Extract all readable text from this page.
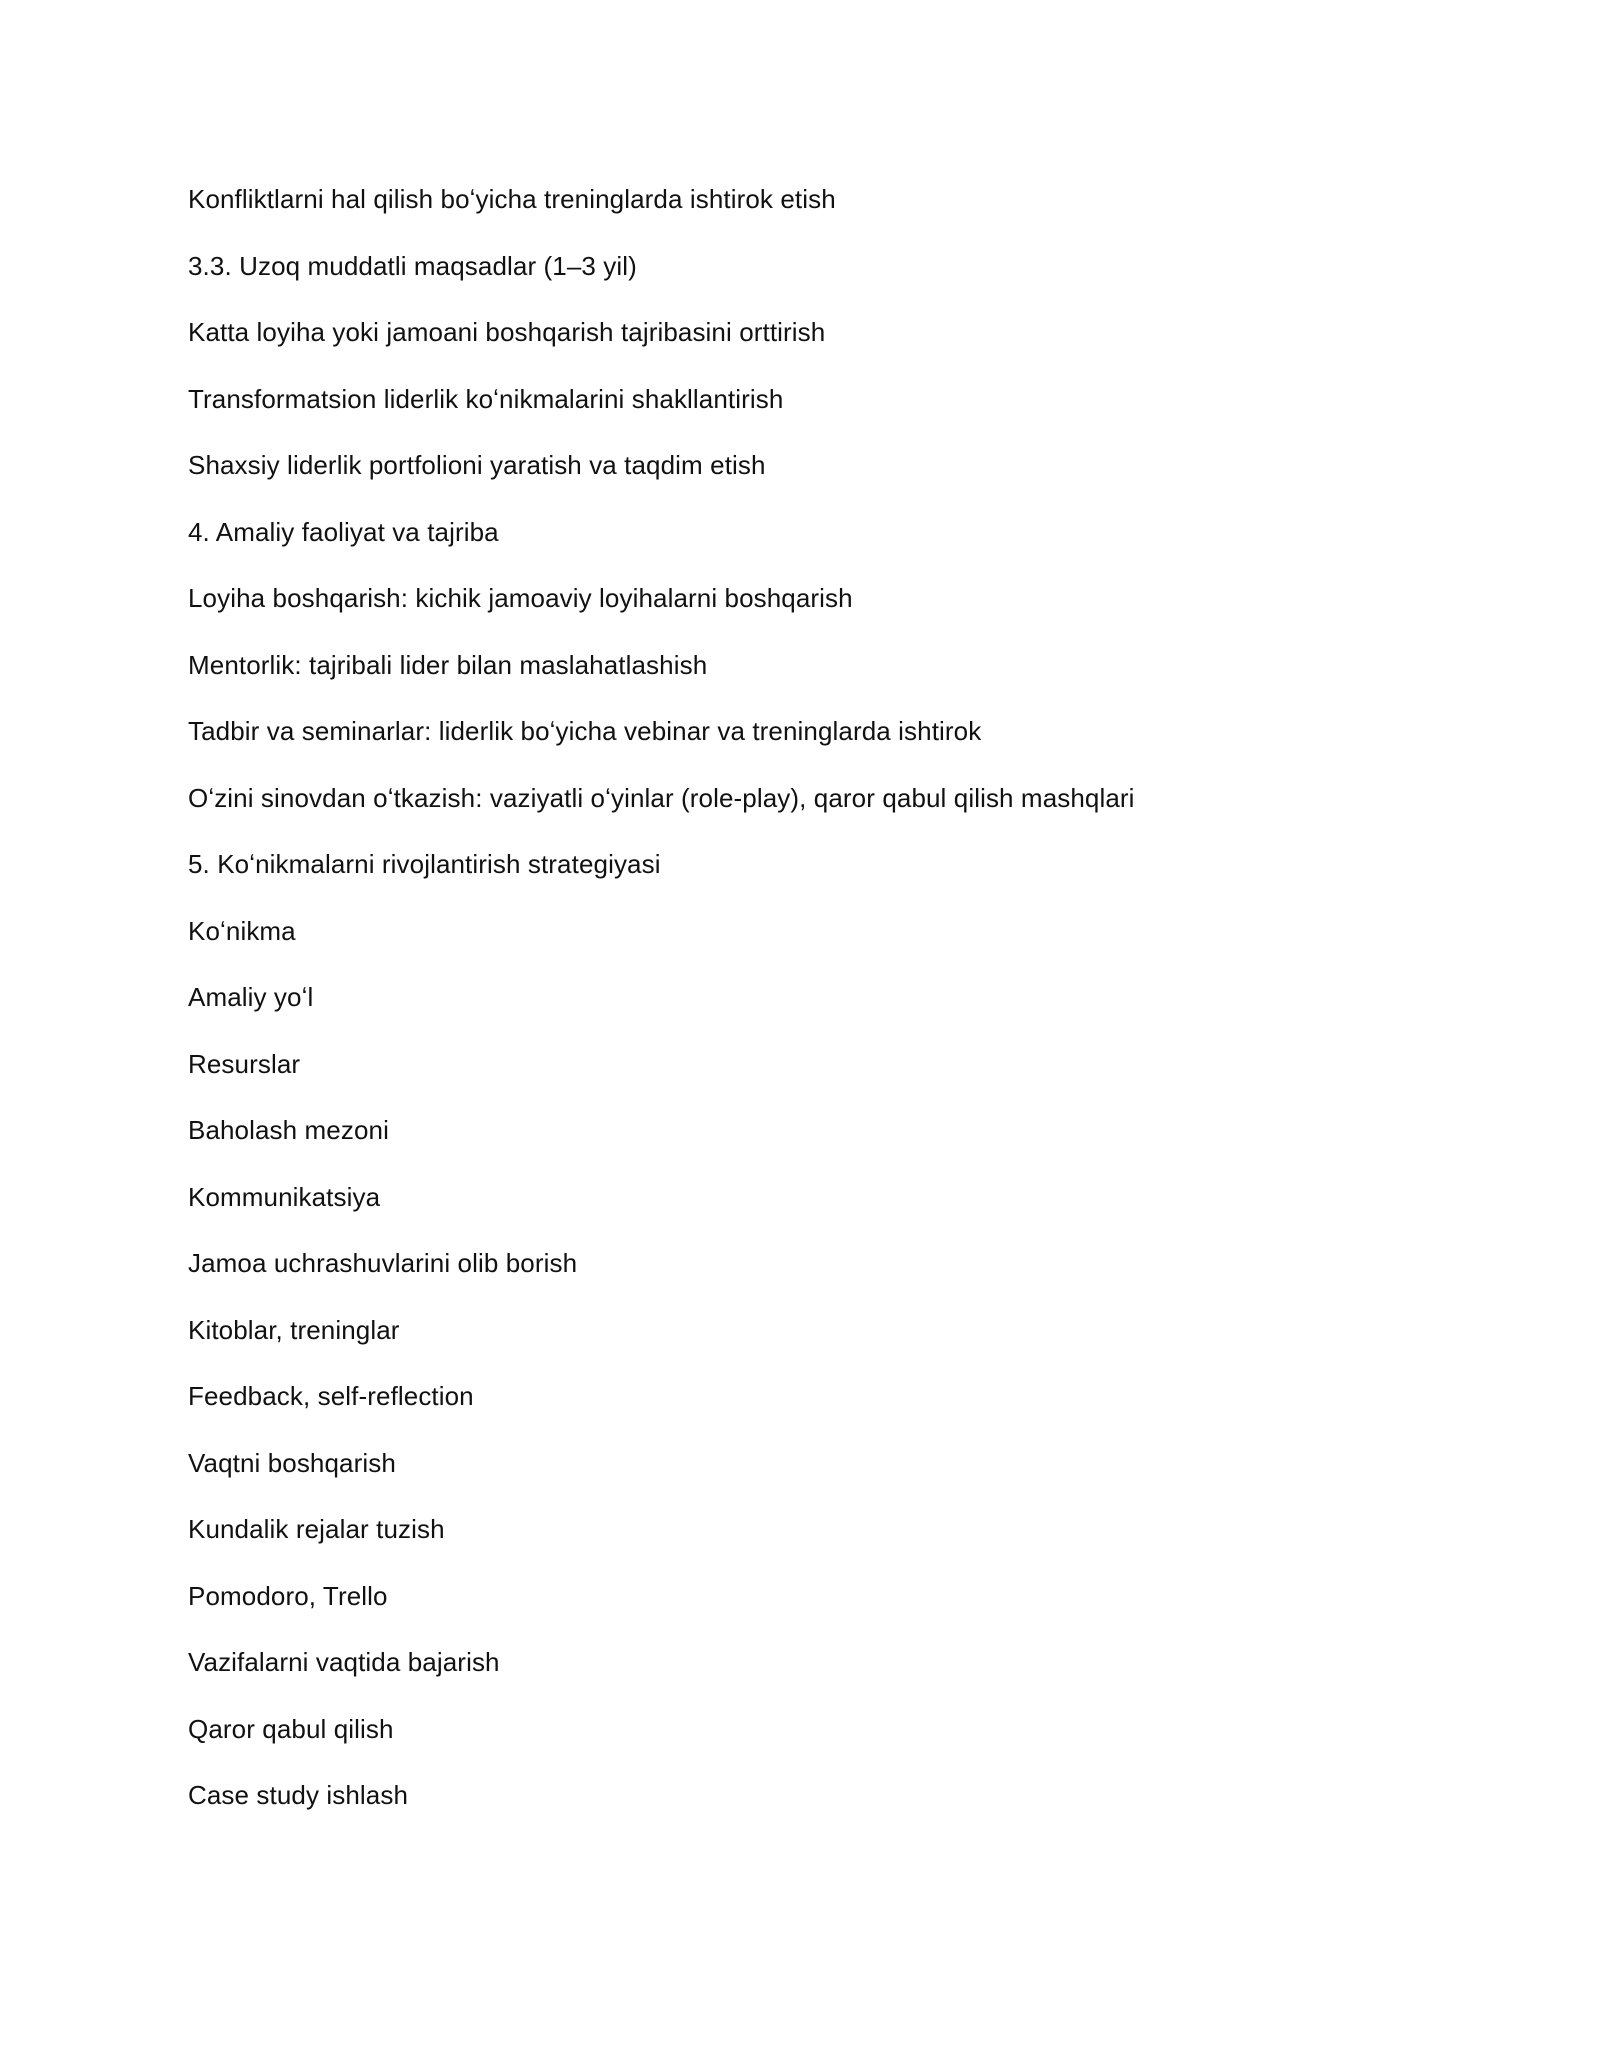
Konfliktlarni hal qilish boʻyicha treninglarda ishtirok etish
3.3. Uzoq muddatli maqsadlar (1–3 yil)
Katta loyiha yoki jamoani boshqarish tajribasini orttirish
Transformatsion liderlik koʻnikmalarini shakllantirish
Shaxsiy liderlik portfolioni yaratish va taqdim etish
4. Amaliy faoliyat va tajriba
Loyiha boshqarish: kichik jamoaviy loyihalarni boshqarish
Mentorlik: tajribali lider bilan maslahatlashish
Tadbir va seminarlar: liderlik boʻyicha vebinar va treninglarda ishtirok
Oʻzini sinovdan oʻtkazish: vaziyatli oʻyinlar (role-play), qaror qabul qilish mashqlari
5. Koʻnikmalarni rivojlantirish strategiyasi
Koʻnikma
Amaliy yoʻl
Resurslar
Baholash mezoni
Kommunikatsiya
Jamoa uchrashuvlarini olib borish
Kitoblar, treninglar
Feedback, self-reflection
Vaqtni boshqarish
Kundalik rejalar tuzish
Pomodoro, Trello
Vazifalarni vaqtida bajarish
Qaror qabul qilish
Case study ishlash
